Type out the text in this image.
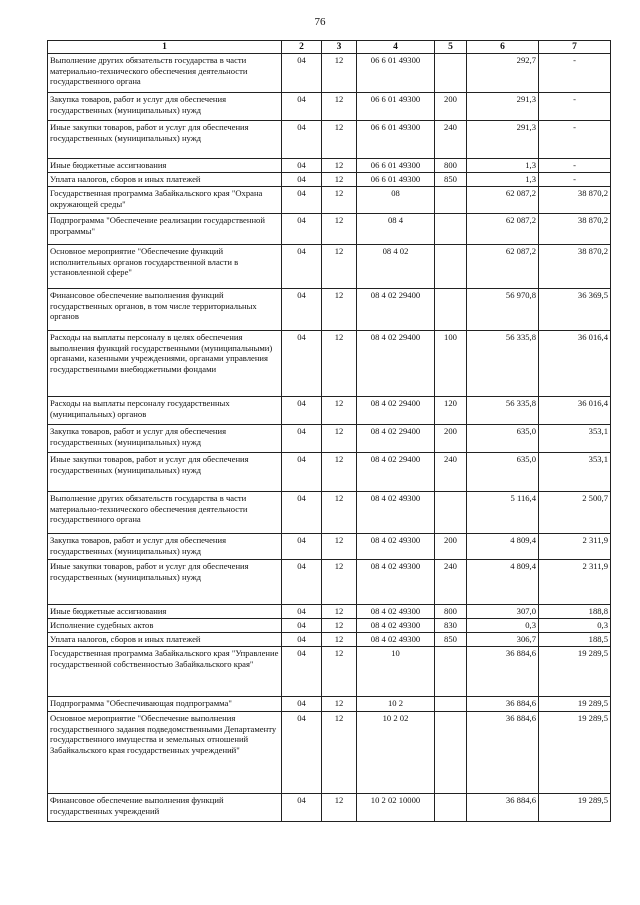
76
1	2	3	4	5	6	7
Выполнение других обязательств государства в части материально-технического обеспечения деятельности государственного органа	04	12	06 6 01 49300		292,7	-
Закупка товаров, работ и услуг для обеспечения государственных (муниципальных) нужд	04	12	06 6 01 49300	200	291,3	-
Иные закупки товаров, работ и услуг для обеспечения государственных (муниципальных) нужд	04	12	06 6 01 49300	240	291,3	-
Иные бюджетные ассигнования	04	12	06 6 01 49300	800	1,3	-
Уплата налогов, сборов и иных платежей	04	12	06 6 01 49300	850	1,3	-
Государственная программа Забайкальского края "Охрана окружающей среды"	04	12	08		62 087,2	38 870,2
Подпрограмма "Обеспечение реализации государственной программы"	04	12	08 4		62 087,2	38 870,2
Основное мероприятие "Обеспечение функций исполнительных органов государственной власти в установленной сфере"	04	12	08 4 02		62 087,2	38 870,2
Финансовое обеспечение выполнения функций государственных органов, в том числе территориальных органов	04	12	08 4 02 29400		56 970,8	36 369,5
Расходы на выплаты персоналу в целях обеспечения выполнения функций государственными (муниципальными) органами, казенными учреждениями, органами управления государственными внебюджетными фондами	04	12	08 4 02 29400	100	56 335,8	36 016,4
Расходы на выплаты персоналу государственных (муниципальных) органов	04	12	08 4 02 29400	120	56 335,8	36 016,4
Закупка товаров, работ и услуг для обеспечения государственных (муниципальных) нужд	04	12	08 4 02 29400	200	635,0	353,1
Иные закупки товаров, работ и услуг для обеспечения государственных (муниципальных) нужд	04	12	08 4 02 29400	240	635,0	353,1
Выполнение других обязательств государства в части материально-технического обеспечения деятельности государственного органа	04	12	08 4 02 49300		5 116,4	2 500,7
Закупка товаров, работ и услуг для обеспечения государственных (муниципальных) нужд	04	12	08 4 02 49300	200	4 809,4	2 311,9
Иные закупки товаров, работ и услуг для обеспечения государственных (муниципальных) нужд	04	12	08 4 02 49300	240	4 809,4	2 311,9
Иные бюджетные ассигнования	04	12	08 4 02 49300	800	307,0	188,8
Исполнение судебных актов	04	12	08 4 02 49300	830	0,3	0,3
Уплата налогов, сборов и иных платежей	04	12	08 4 02 49300	850	306,7	188,5
Государственная программа Забайкальского края "Управление государственной собственностью Забайкальского края"	04	12	10		36 884,6	19 289,5
Подпрограмма "Обеспечивающая подпрограмма"	04	12	10 2		36 884,6	19 289,5
Основное мероприятие "Обеспечение выполнения государственного задания подведомственными Департаменту государственного имущества и земельных отношений Забайкальского края государственных учреждений"	04	12	10 2 02		36 884,6	19 289,5
Финансовое обеспечение выполнения функций государственных учреждений	04	12	10 2 02 10000		36 884,6	19 289,5
